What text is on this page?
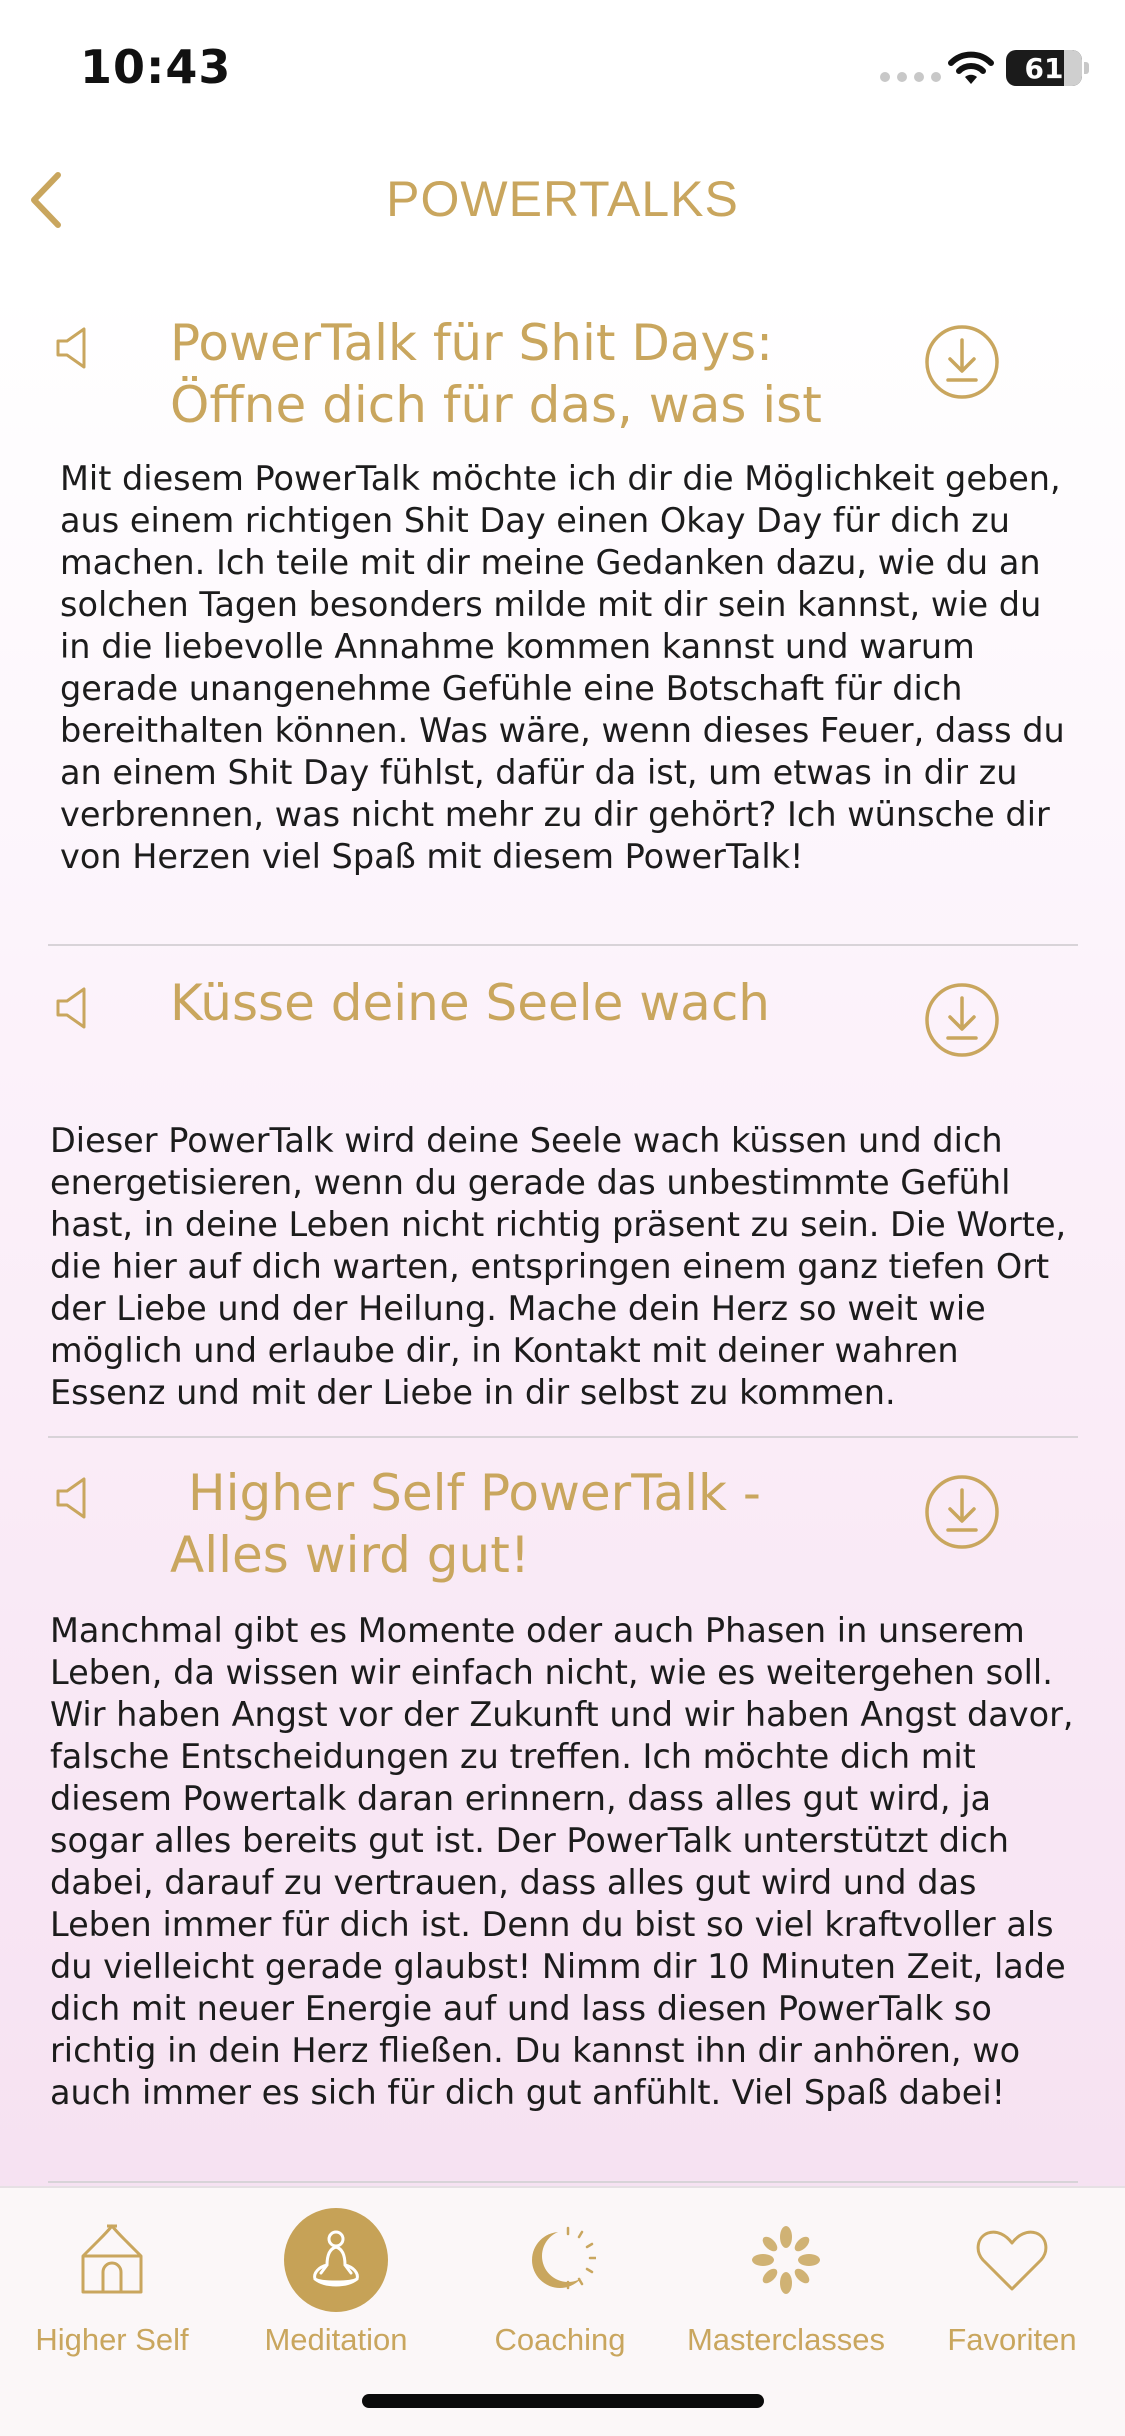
10:43	61
POWERTALKS
PowerTalk für Shit Days:
Öffne dich für das, was ist
Mit diesem PowerTalk möchte ich dir die Möglichkeit geben, aus einem richtigen Shit Day einen Okay Day für dich zu machen. Ich teile mit dir meine Gedanken dazu, wie du an solchen Tagen besonders milde mit dir sein kannst, wie du in die liebevolle Annahme kommen kannst und warum gerade unangenehme Gefühle eine Botschaft für dich bereithalten können. Was wäre, wenn dieses Feuer, dass du an einem Shit Day fühlst, dafür da ist, um etwas in dir zu verbrennen, was nicht mehr zu dir gehört? Ich wünsche dir von Herzen viel Spaß mit diesem PowerTalk!
Küsse deine Seele wach
Dieser PowerTalk wird deine Seele wach küssen und dich energetisieren, wenn du gerade das unbestimmte Gefühl hast, in deine Leben nicht richtig präsent zu sein. Die Worte, die hier auf dich warten, entspringen einem ganz tiefen Ort der Liebe und der Heilung. Mache dein Herz so weit wie möglich und erlaube dir, in Kontakt mit deiner wahren Essenz und mit der Liebe in dir selbst zu kommen.
Higher Self PowerTalk -
Alles wird gut!
Manchmal gibt es Momente oder auch Phasen in unserem Leben, da wissen wir einfach nicht, wie es weitergehen soll. Wir haben Angst vor der Zukunft und wir haben Angst davor, falsche Entscheidungen zu treffen. Ich möchte dich mit diesem Powertalk daran erinnern, dass alles gut wird, ja sogar alles bereits gut ist. Der PowerTalk unterstützt dich dabei, darauf zu vertrauen, dass alles gut wird und das Leben immer für dich ist. Denn du bist so viel kraftvoller als du vielleicht gerade glaubst! Nimm dir 10 Minuten Zeit, lade dich mit neuer Energie auf und lass diesen PowerTalk so richtig in dein Herz fließen. Du kannst ihn dir anhören, wo auch immer es sich für dich gut anfühlt. Viel Spaß dabei!
Higher Self	Meditation	Coaching	Masterclasses	Favoriten
